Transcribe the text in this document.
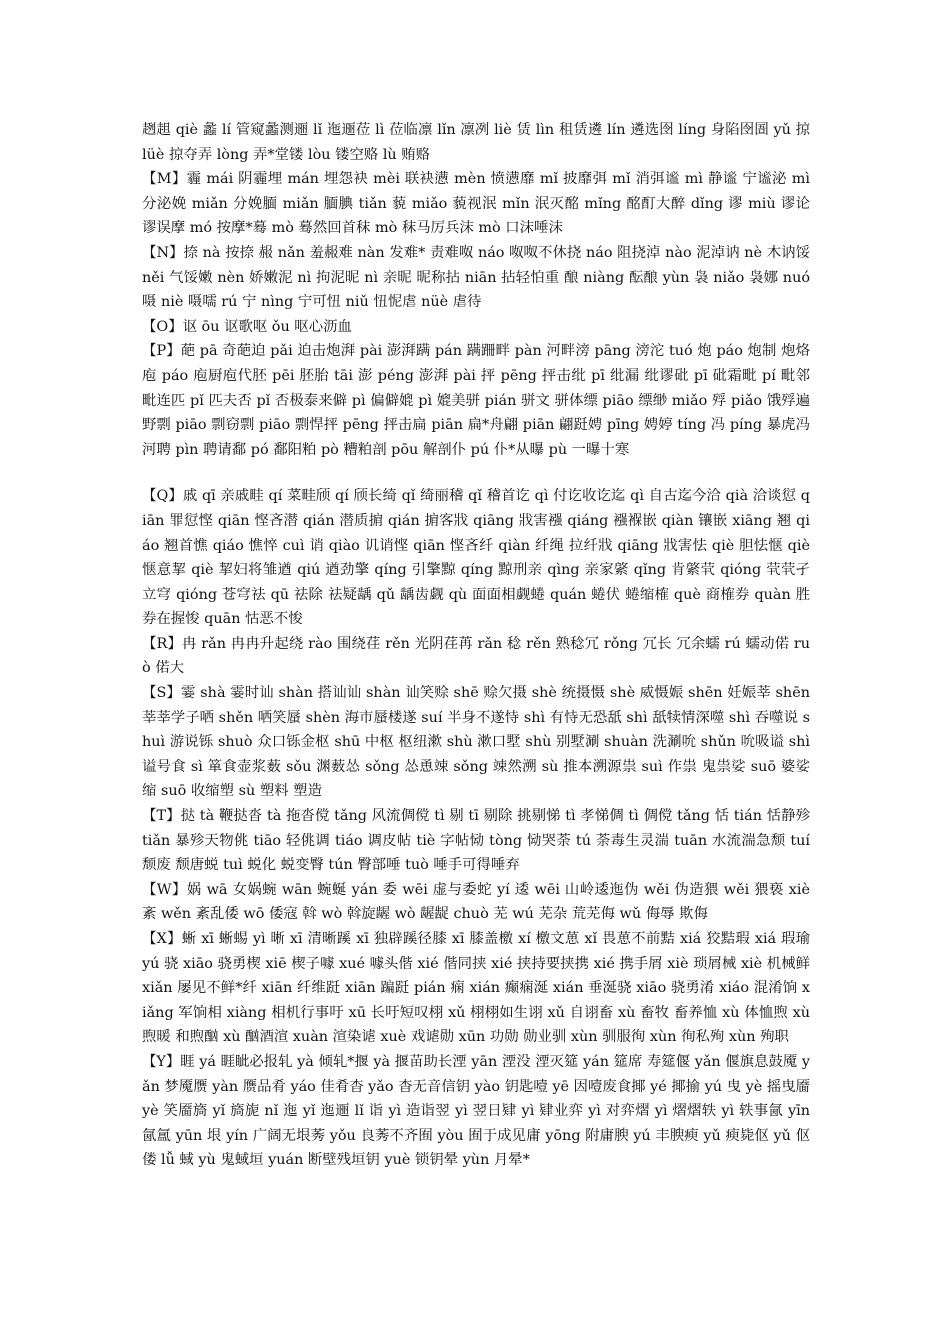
趔趄 qiè 蠡 lí 管窥蠡测逦 lǐ 迤逦莅 lì 莅临凛 lǐn 凛冽 liè 赁 lìn 租赁遴 lín 遴选囹 líng 身陷囹圄 yǔ 掠 lüè 掠夺弄 lòng 弄*堂镂 lòu 镂空赂 lù 贿赂

【M】霾 mái 阴霾埋 mán 埋怨袂 mèi 联袂懑 mèn 愤懑靡 mǐ 披靡弭 mǐ 消弭谧 mì 静谧 宁谧泌 mì 分泌娩 miǎn 分娩腼 miǎn 腼腆 tiǎn 藐 miǎo 藐视泯 mǐn 泯灭酩 mǐng 酩酊大醉 dǐng 谬 miù 谬论 谬误摩 mó 按摩*蓦 mò 蓦然回首秣 mò 秣马厉兵沫 mò 口沫唾沫

【N】捺 nà 按捺 赧 nǎn 羞赧难 nàn 发难* 责难呶 náo 呶呶不休挠 náo 阻挠淖 nào 泥淖讷 nè 木讷馁 něi 气馁嫩 nèn 娇嫩泥 nì 拘泥昵 nì 亲昵 昵称拈 niān 拈轻怕重 酿 niàng 酝酿 yùn 袅 niǎo 袅娜 nuó 嗫 niè 嗫嚅 rú 宁 nìng 宁可忸 niǔ 忸怩虐 nüè 虐待

【O】讴 ōu 讴歌呕 ǒu 呕心沥血

【P】葩 pā 奇葩迫 pǎi 迫击炮湃 pài 澎湃蹒 pán 蹒跚畔 pàn 河畔滂 pāng 滂沱 tuó 炮 páo 炮制 炮烙庖 páo 庖厨庖代胚 pēi 胚胎 tāi 澎 péng 澎湃 pài 抨 pēng 抨击纰 pī 纰漏 纰谬砒 pī 砒霜毗 pí 毗邻 毗连匹 pǐ 匹夫否 pǐ 否极泰来僻 pì 偏僻媲 pì 媲美骈 pián 骈文 骈体缥 piāo 缥缈 miǎo 殍 piǎo 饿殍遍野剽 piāo 剽窃剽 piāo 剽悍抨 pēng 抨击扁 piān 扁*舟翩 piān 翩跹娉 pīng 娉婷 tíng 冯 píng 暴虎冯河聘 pìn 聘请鄱 pó 鄱阳粕 pò 糟粕剖 pōu 解剖仆 pú 仆*从曝 pù 一曝十寒

【Q】戚 qī 亲戚畦 qí 菜畦颀 qí 颀长绮 qǐ 绮丽稽 qǐ 稽首讫 qì 付讫收讫迄 qì 自古迄今洽 qià 洽谈愆 qiān 罪愆悭 qiān 悭吝潜 qián 潜质掮 qián 掮客戕 qiāng 戕害襁 qiáng 襁褓嵌 qiàn 镶嵌 xiāng 翘 qiáo 翘首憔 qiáo 憔悴 cuì 诮 qiào 讥诮悭 qiān 悭吝纤 qiàn 纤绳 拉纤戕 qiāng 戕害怯 qiè 胆怯惬 qiè 惬意挈 qiè 挈妇将雏遒 qiú 遒劲擎 qíng 引擎黥 qíng 黥刑亲 qìng 亲家綮 qǐng 肯綮茕 qióng 茕茕孑立穹 qióng 苍穹祛 qū 祛除 祛疑龋 qǔ 龋齿觑 qù 面面相觑蜷 quán 蜷伏 蜷缩榷 què 商榷券 quàn 胜券在握悛 quān 怙恶不悛

【R】冉 rǎn 冉冉升起绕 rào 围绕荏 rěn 光阴荏苒 rǎn 稔 rěn 熟稔冗 rǒng 冗长 冗余蠕 rú 蠕动偌 ruò 偌大

【S】霎 shà 霎时讪 shàn 搭讪讪 shàn 讪笑赊 shē 赊欠摄 shè 统摄慑 shè 威慑娠 shēn 妊娠莘 shēn 莘莘学子哂 shěn 哂笑蜃 shèn 海市蜃楼遂 suí 半身不遂恃 shì 有恃无恐舐 shì 舐犊情深噬 shì 吞噬说 shuì 游说铄 shuò 众口铄金枢 shū 中枢 枢纽漱 shù 漱口墅 shù 别墅涮 shuàn 洗涮吮 shǔn 吮吸谥 shì 谥号食 sì 箪食壶浆薮 sǒu 渊薮怂 sǒng 怂恿竦 sǒng 竦然溯 sù 推本溯源祟 suì 作祟 鬼祟娑 suō 婆娑缩 suō 收缩塑 sù 塑料 塑造

【T】挞 tà 鞭挞沓 tà 拖沓傥 tǎng 风流倜傥 tì 剔 tī 剔除 挑剔悌 tì 孝悌倜 tì 倜傥 tǎng 恬 tián 恬静殄 tiǎn 暴殄天物佻 tiāo 轻佻调 tiáo 调皮帖 tiè 字帖恸 tòng 恸哭荼 tú 荼毒生灵湍 tuān 水流湍急颓 tuí 颓废 颓唐蜕 tuì 蜕化 蜕变臀 tún 臀部唾 tuò 唾手可得唾弃

【W】娲 wā 女娲蜿 wān 蜿蜒 yán 委 wēi 虚与委蛇 yí 逶 wēi 山岭逶迤伪 wěi 伪造猥 wěi 猥亵 xiè 紊 wěn 紊乱倭 wō 倭寇 斡 wò 斡旋龌 wò 龌龊 chuò 芜 wú 芜杂 荒芜侮 wǔ 侮辱 欺侮

【X】蜥 xī 蜥蜴 yì 晰 xī 清晰蹊 xī 独辟蹊径膝 xī 膝盖檄 xí 檄文葸 xǐ 畏葸不前黠 xiá 狡黠瑕 xiá 瑕瑜 yú 骁 xiāo 骁勇楔 xiē 楔子噱 xué 噱头偕 xié 偕同挟 xié 挟持要挟携 xié 携手屑 xiè 琐屑械 xiè 机械鲜 xiǎn 屡见不鲜*纤 xiān 纤维跹 xiān 蹁跹 pián 痫 xián 癫痫涎 xián 垂涎骁 xiāo 骁勇淆 xiáo 混淆饷 xiǎng 军饷相 xiàng 相机行事吁 xū 长吁短叹栩 xǔ 栩栩如生诩 xǔ 自诩畜 xù 畜牧 畜养恤 xù 体恤煦 xù 煦暖 和煦酗 xù 酗酒渲 xuàn 渲染谑 xuè 戏谑勋 xūn 功勋 勋业驯 xùn 驯服徇 xùn 徇私殉 xùn 殉职

【Y】睚 yá 睚眦必报轧 yà 倾轧*揠 yà 揠苗助长湮 yān 湮没 湮灭筵 yán 筵席 寿筵偃 yǎn 偃旗息鼓魇 yǎn 梦魇赝 yàn 赝品肴 yáo 佳肴杳 yǎo 杳无音信钥 yào 钥匙噎 yē 因噎废食揶 yé 揶揄 yú 曳 yè 摇曳靥 yè 笑靥旖 yǐ 旖旎 nǐ 迤 yǐ 迤逦 lǐ 诣 yì 造诣翌 yì 翌日肄 yì 肄业弈 yì 对弈熠 yì 熠熠轶 yì 轶事氤 yīn 氤氲 yūn 垠 yín 广阔无垠莠 yǒu 良莠不齐囿 yòu 囿于成见庸 yōng 附庸腴 yú 丰腴瘐 yǔ 瘐毙伛 yǔ 伛偻 lǚ 蜮 yù 鬼蜮垣 yuán 断壁残垣钥 yuè 锁钥晕 yùn 月晕*
